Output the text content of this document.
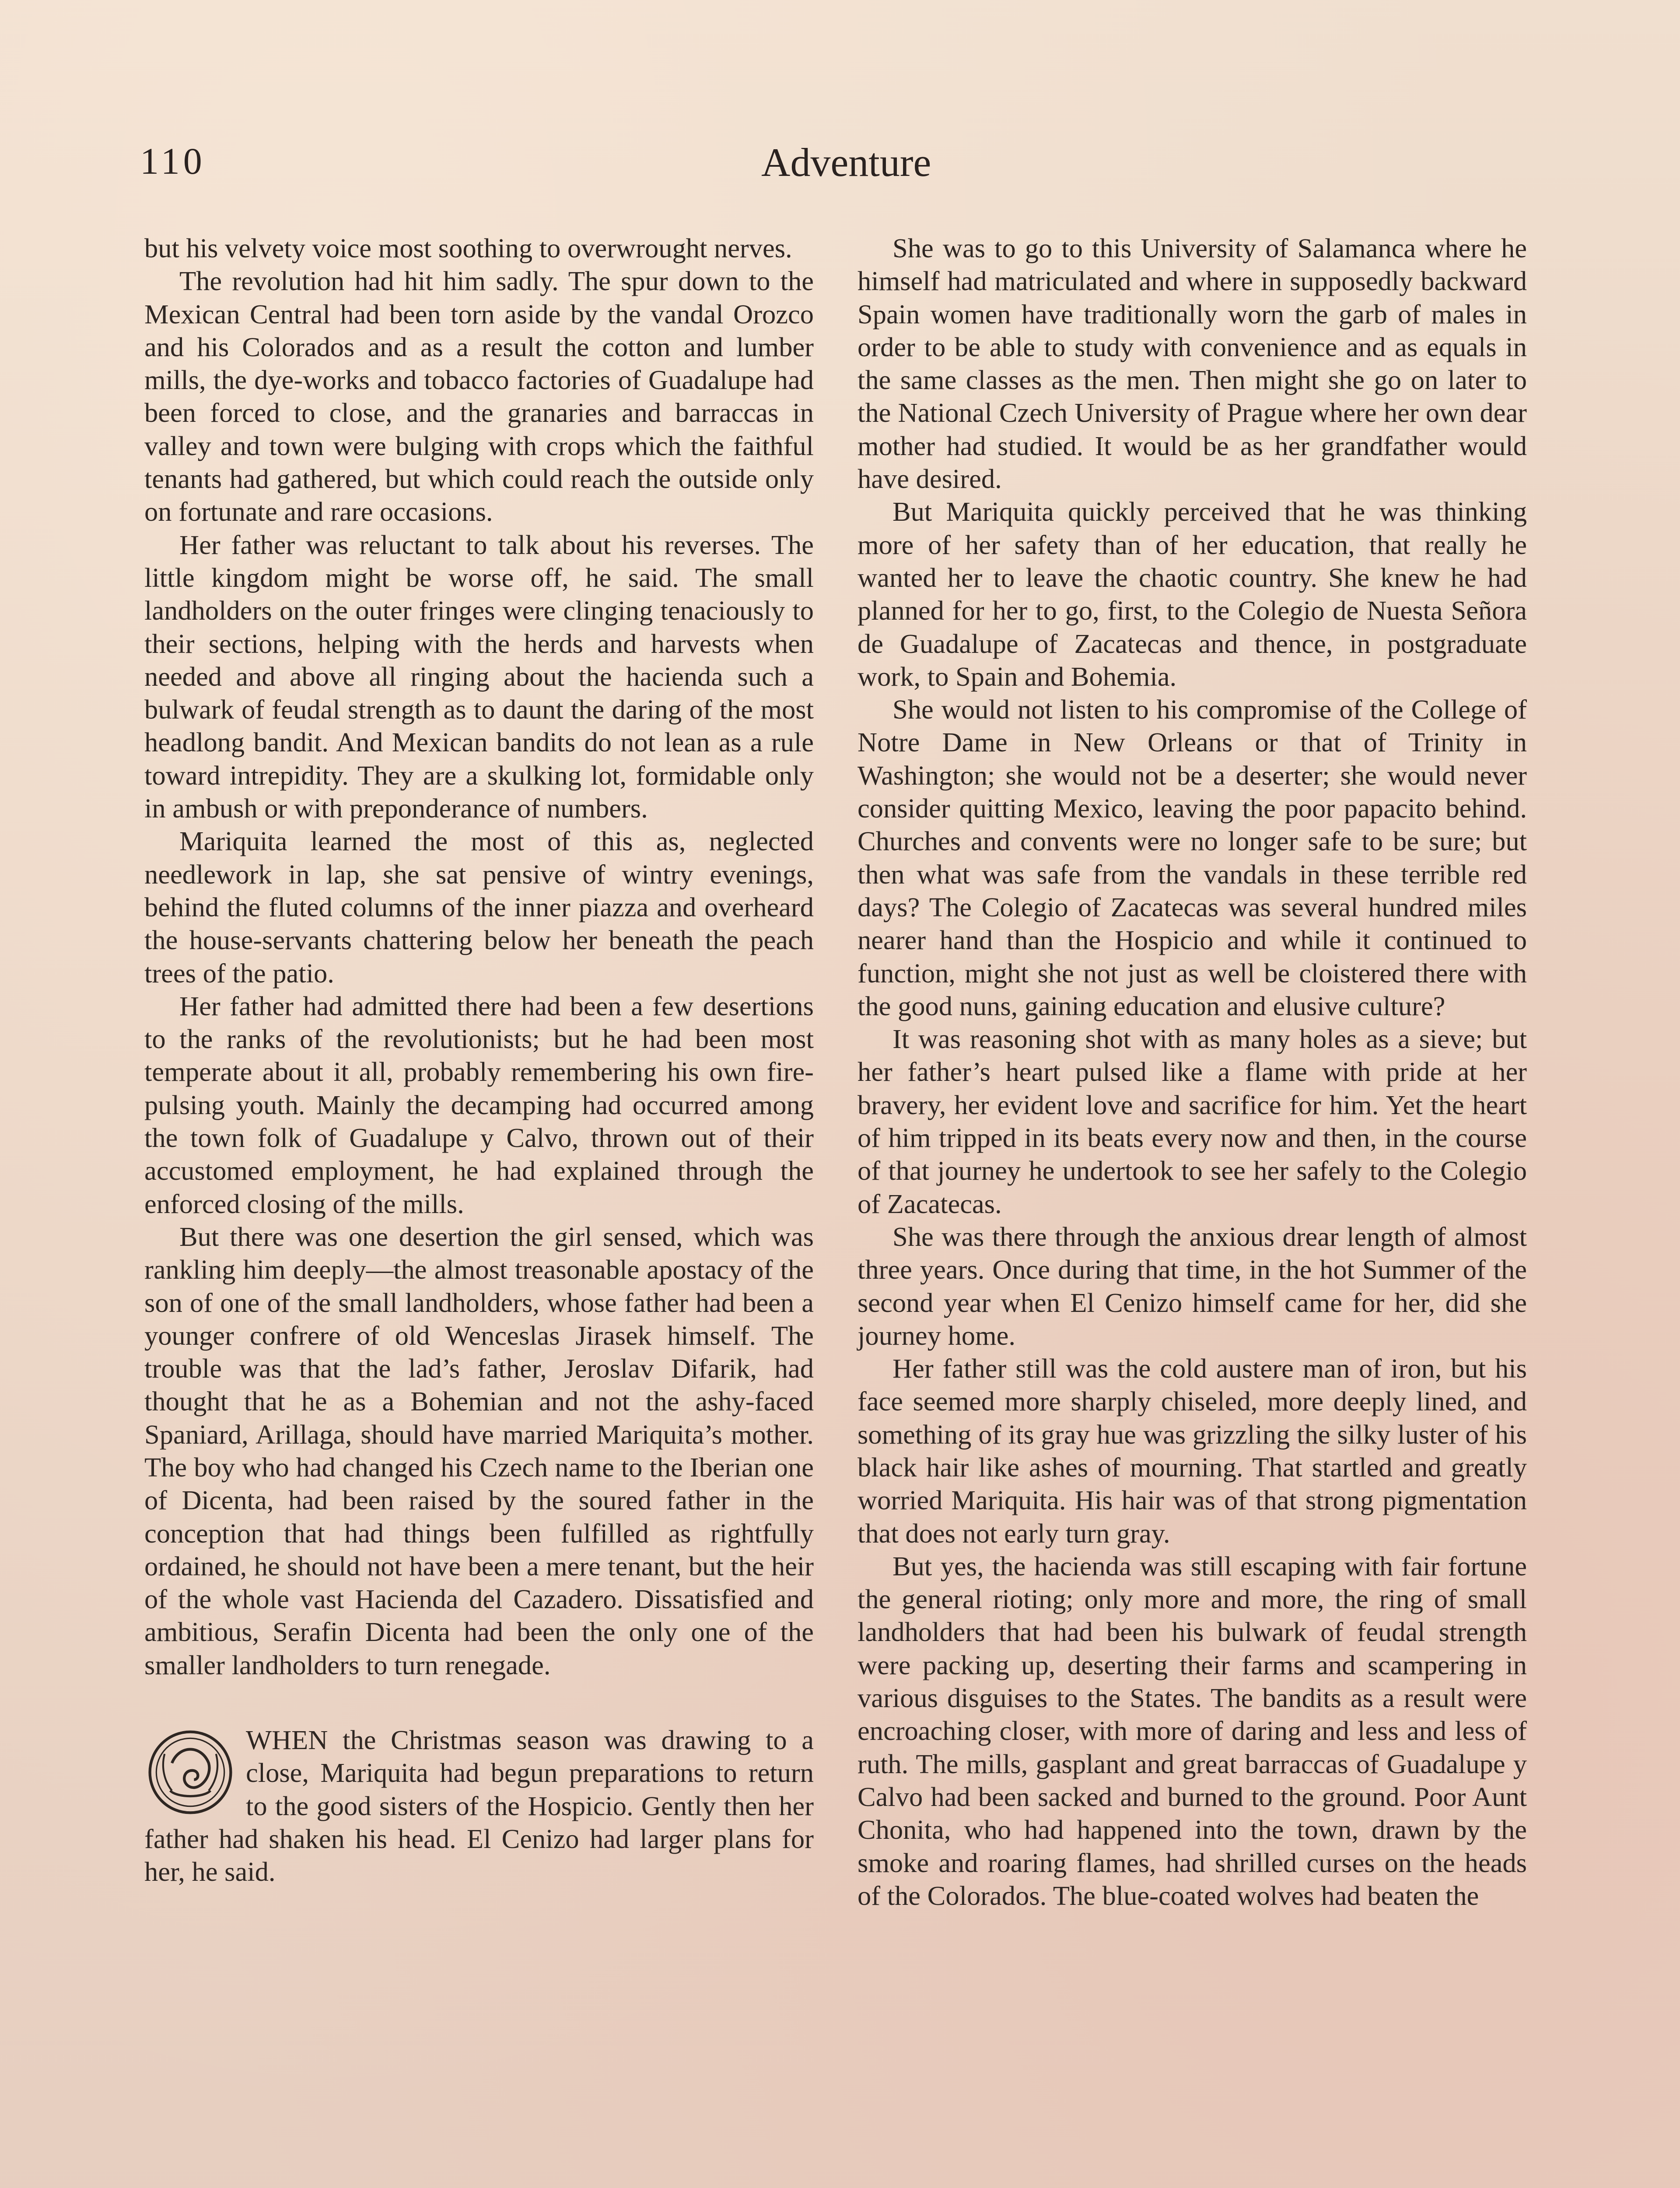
110	Adventure

but his velvety voice most soothing to overwrought nerves.

The revolution had hit him sadly. The spur down to the Mexican Central had been torn aside by the vandal Orozco and his Colorados and as a result the cotton and lumber mills, the dye-works and tobacco factories of Guadalupe had been forced to close, and the granaries and barraccas in valley and town were bulging with crops which the faithful tenants had gathered, but which could reach the outside only on fortunate and rare occasions.

Her father was reluctant to talk about his reverses. The little kingdom might be worse off, he said. The small landholders on the outer fringes were clinging tenaciously to their sections, helping with the herds and harvests when needed and above all ringing about the hacienda such a bulwark of feudal strength as to daunt the daring of the most headlong bandit. And Mexican bandits do not lean as a rule toward intrepidity. They are a skulking lot, formidable only in ambush or with preponderance of numbers.

Mariquita learned the most of this as, neglected needlework in lap, she sat pensive of wintry evenings, behind the fluted columns of the inner piazza and overheard the house-servants chattering below her beneath the peach trees of the patio.

Her father had admitted there had been a few desertions to the ranks of the revolutionists; but he had been most temperate about it all, probably remembering his own fire-pulsing youth. Mainly the decamping had occurred among the town folk of Guadalupe y Calvo, thrown out of their accustomed employment, he had explained through the enforced closing of the mills.

But there was one desertion the girl sensed, which was rankling him deeply—the almost treasonable apostacy of the son of one of the small landholders, whose father had been a younger confrere of old Wenceslas Jirasek himself. The trouble was that the lad’s father, Jeroslav Difarik, had thought that he as a Bohemian and not the ashy-faced Spaniard, Arillaga, should have married Mariquita’s mother. The boy who had changed his Czech name to the Iberian one of Dicenta, had been raised by the soured father in the conception that had things been fulfilled as rightfully ordained, he should not have been a mere tenant, but the heir of the whole vast Hacienda del Cazadero. Dissatisfied and ambitious, Serafin Dicenta had been the only one of the smaller landholders to turn renegade.

WHEN the Christmas season was drawing to a close, Mariquita had begun preparations to return to the good sisters of the Hospicio. Gently then her father had shaken his head. El Cenizo had larger plans for her, he said.

She was to go to this University of Salamanca where he himself had matriculated and where in supposedly backward Spain women have traditionally worn the garb of males in order to be able to study with convenience and as equals in the same classes as the men. Then might she go on later to the National Czech University of Prague where her own dear mother had studied. It would be as her grandfather would have desired.

But Mariquita quickly perceived that he was thinking more of her safety than of her education, that really he wanted her to leave the chaotic country. She knew he had planned for her to go, first, to the Colegio de Nuesta Señora de Guadalupe of Zacatecas and thence, in postgraduate work, to Spain and Bohemia.

She would not listen to his compromise of the College of Notre Dame in New Orleans or that of Trinity in Washington; she would not be a deserter; she would never consider quitting Mexico, leaving the poor papacito behind. Churches and convents were no longer safe to be sure; but then what was safe from the vandals in these terrible red days? The Colegio of Zacatecas was several hundred miles nearer hand than the Hospicio and while it continued to function, might she not just as well be cloistered there with the good nuns, gaining education and elusive culture?

It was reasoning shot with as many holes as a sieve; but her father’s heart pulsed like a flame with pride at her bravery, her evident love and sacrifice for him. Yet the heart of him tripped in its beats every now and then, in the course of that journey he undertook to see her safely to the Colegio of Zacatecas.

She was there through the anxious drear length of almost three years. Once during that time, in the hot Summer of the second year when El Cenizo himself came for her, did she journey home.

Her father still was the cold austere man of iron, but his face seemed more sharply chiseled, more deeply lined, and something of its gray hue was grizzling the silky luster of his black hair like ashes of mourning. That startled and greatly worried Mariquita. His hair was of that strong pigmentation that does not early turn gray.

But yes, the hacienda was still escaping with fair fortune the general rioting; only more and more, the ring of small landholders that had been his bulwark of feudal strength were packing up, deserting their farms and scampering in various disguises to the States. The bandits as a result were encroaching closer, with more of daring and less and less of ruth. The mills, gasplant and great barraccas of Guadalupe y Calvo had been sacked and burned to the ground. Poor Aunt Chonita, who had happened into the town, drawn by the smoke and roaring flames, had shrilled curses on the heads of the Colorados. The blue-coated wolves had beaten the
